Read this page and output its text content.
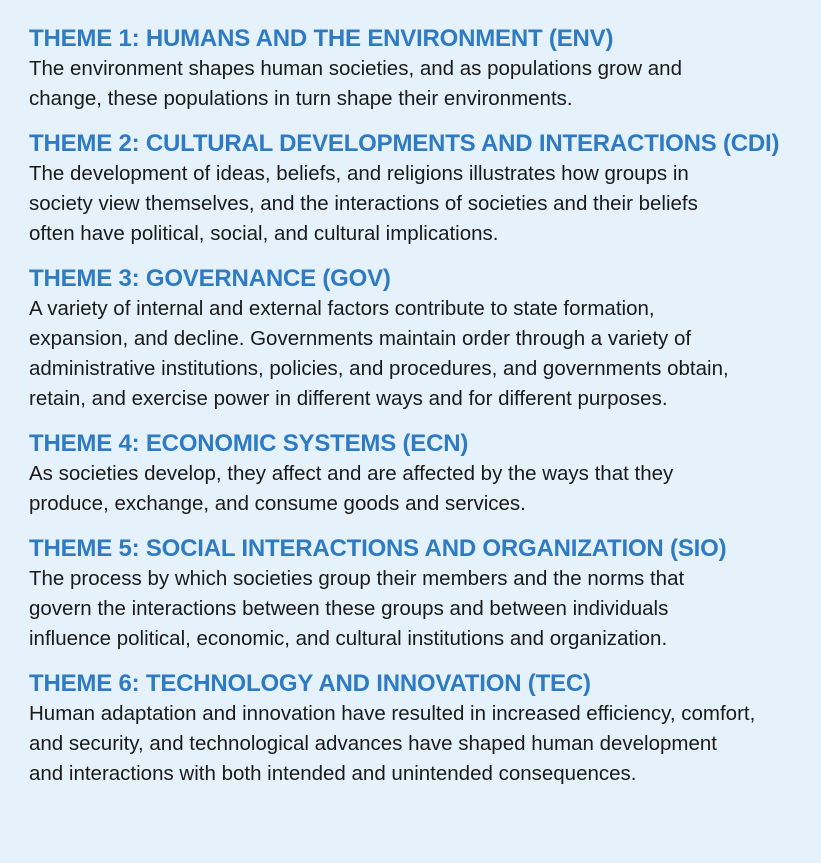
THEME 1: HUMANS AND THE ENVIRONMENT (ENV)

The environment shapes human societies, and as populations grow and
change, these populations in turn shape their environments.

THEME 2: CULTURAL DEVELOPMENTS AND INTERACTIONS (CDI)

The development of ideas, beliefs, and religions illustrates how groups in
society view themselves, and the interactions of societies and their beliefs
often have political, social, and cultural implications.

THEME 3: GOVERNANCE (GOV)

A variety of internal and external factors contribute to state formation,
expansion, and decline. Governments maintain order through a variety of
administrative institutions, policies, and procedures, and governments obtain,
retain, and exercise power in different ways and for different purposes.

THEME 4: ECONOMIC SYSTEMS (ECN)

As societies develop, they affect and are affected by the ways that they
produce, exchange, and consume goods and services.

THEME 5: SOCIAL INTERACTIONS AND ORGANIZATION (SIO)

The process by which societies group their members and the norms that
govern the interactions between these groups and between individuals
influence political, economic, and cultural institutions and organization.

THEME 6: TECHNOLOGY AND INNOVATION (TEC)

Human adaptation and innovation have resulted in increased efficiency, comfort,
and security, and technological advances have shaped human development
and interactions with both intended and unintended consequences.
